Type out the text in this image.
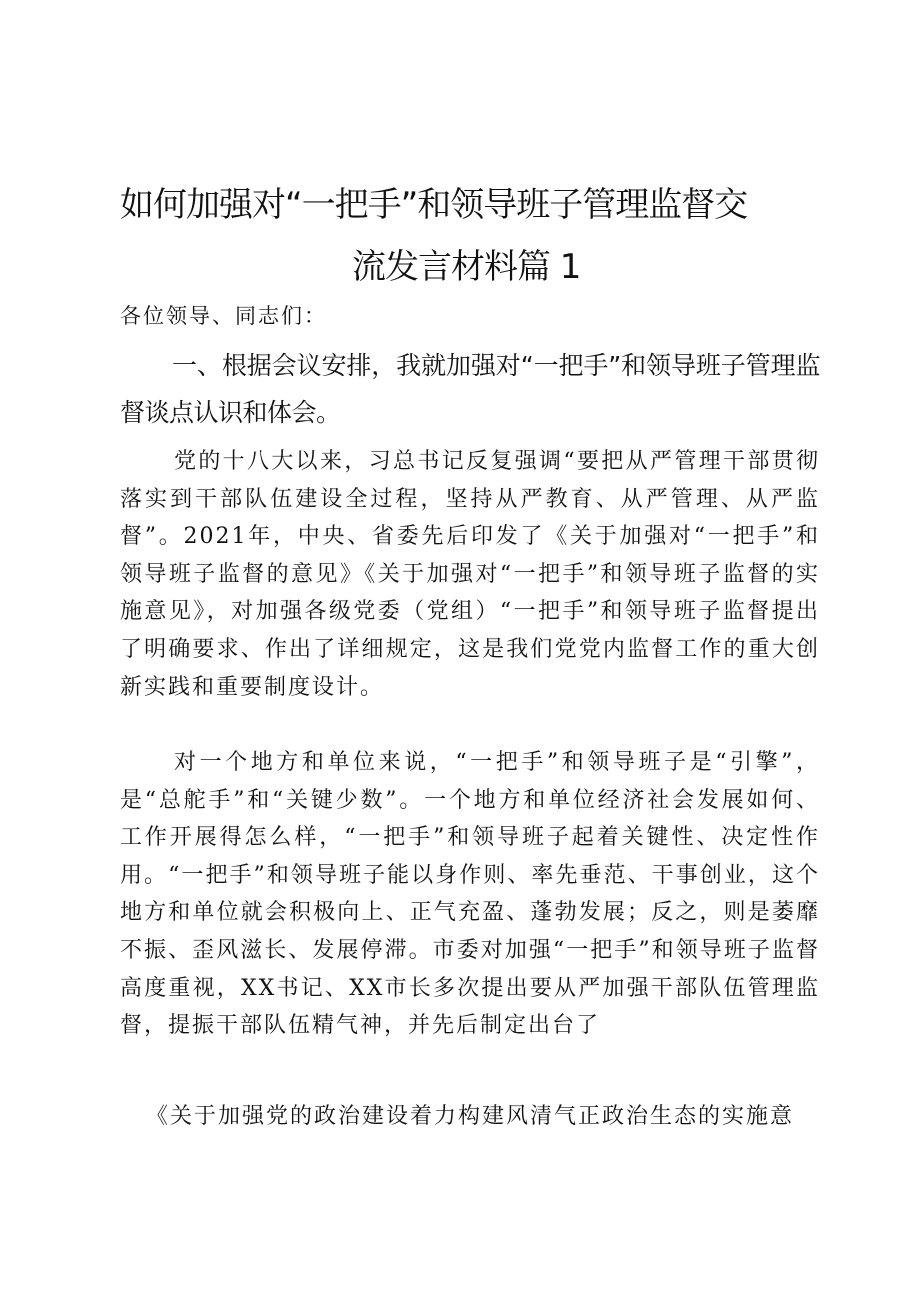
如何加强对“一把手”和领导班子管理监督交
流发言材料篇 1
各位领导、同志们：
一、根据会议安排，我就加强对“一把手”和领导班子管理监督谈点认识和体会。
党的十八大以来，习总书记反复强调“要把从严管理干部贯彻落实到干部队伍建设全过程，坚持从严教育、从严管理、从严监督”。2021年，中央、省委先后印发了《关于加强对“一把手”和领导班子监督的意见》《关于加强对“一把手”和领导班子监督的实施意见》，对加强各级党委（党组）“一把手”和领导班子监督提出了明确要求、作出了详细规定，这是我们党党内监督工作的重大创新实践和重要制度设计。
对一个地方和单位来说，“一把手”和领导班子是“引擎”，是“总舵手”和“关键少数”。一个地方和单位经济社会发展如何、工作开展得怎么样，“一把手”和领导班子起着关键性、决定性作用。“一把手”和领导班子能以身作则、率先垂范、干事创业，这个地方和单位就会积极向上、正气充盈、蓬勃发展；反之，则是萎靡不振、歪风滋长、发展停滞。市委对加强“一把手”和领导班子监督高度重视，XX书记、XX市长多次提出要从严加强干部队伍管理监督，提振干部队伍精气神，并先后制定出台了
《关于加强党的政治建设着力构建风清气正政治生态的实施意
